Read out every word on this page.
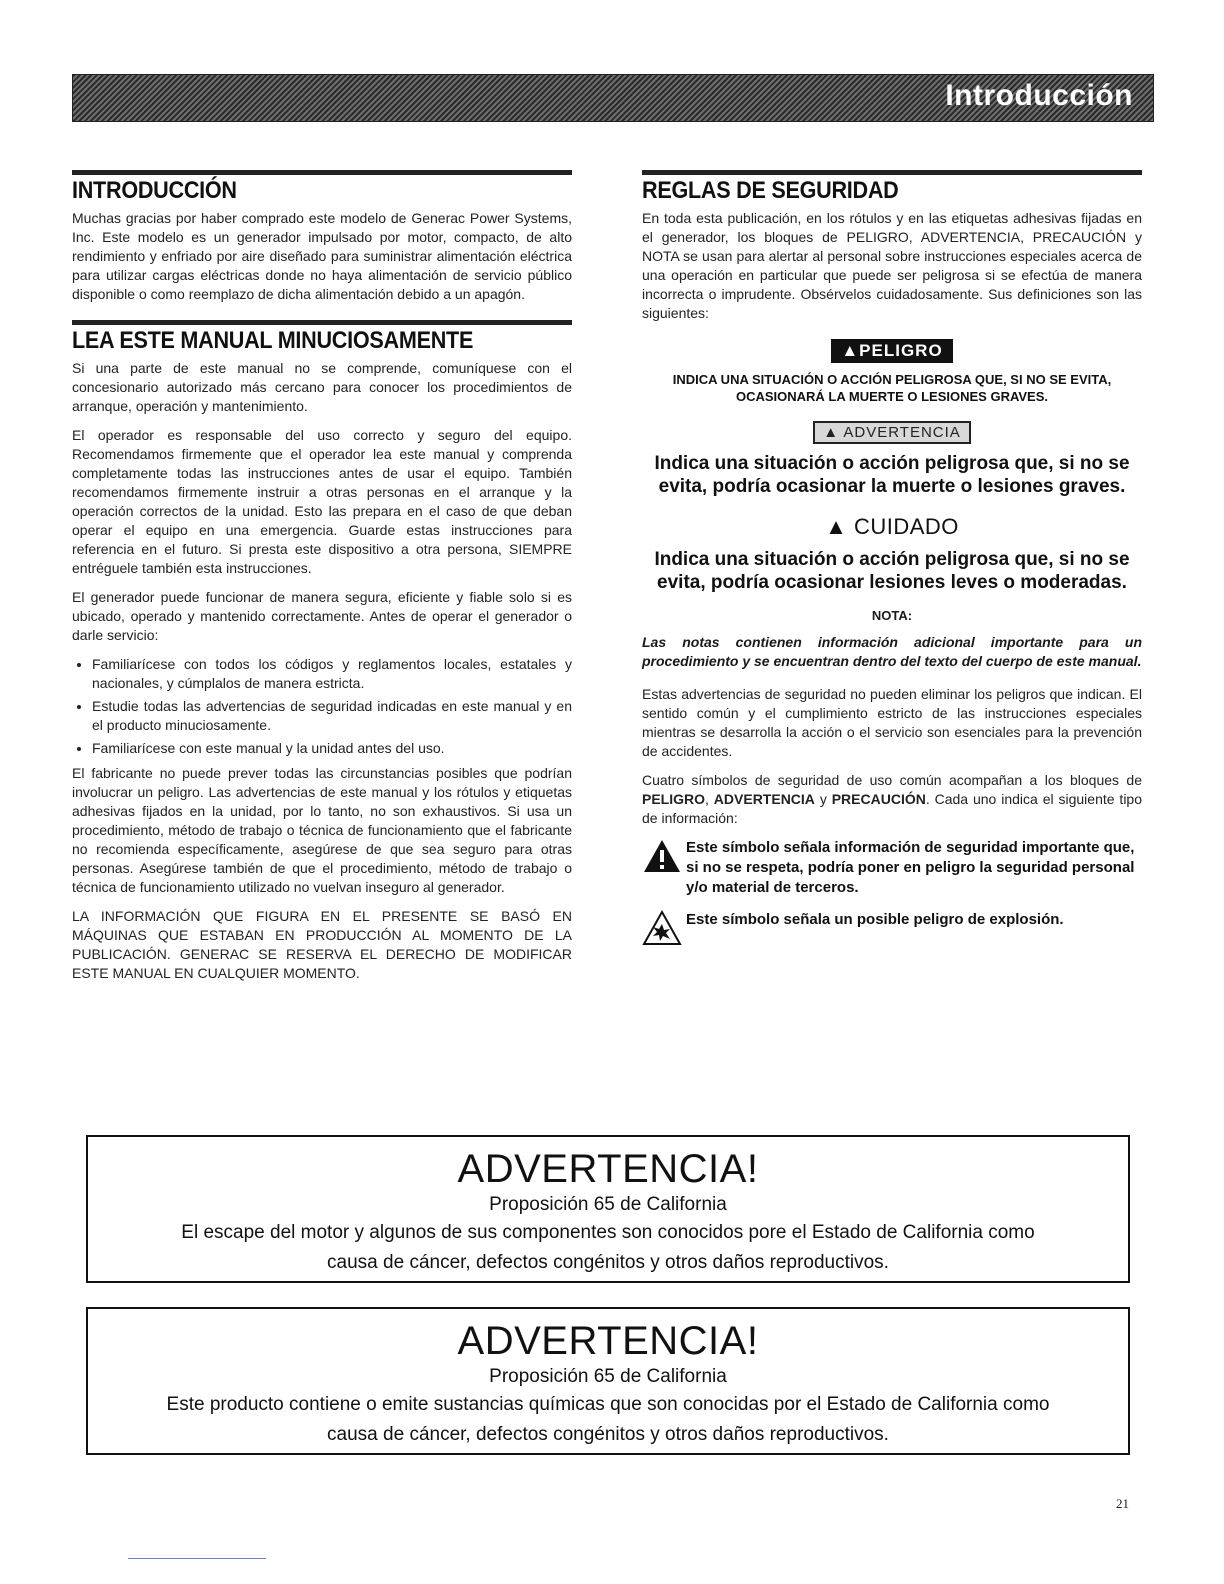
Introducción
INTRODUCCIÓN

Muchas gracias por haber comprado este modelo de Generac Power Systems, Inc. Este modelo es un generador impulsado por motor, compacto, de alto rendimiento y enfriado por aire diseñado para suministrar alimentación eléctrica para utilizar cargas eléctricas donde no haya alimentación de servicio público disponible o como reemplazo de dicha alimentación debido a un apagón.

LEA ESTE MANUAL MINUCIOSAMENTE

Si una parte de este manual no se comprende, comuníquese con el concesionario autorizado más cercano para conocer los procedimientos de arranque, operación y mantenimiento.

El operador es responsable del uso correcto y seguro del equipo. Recomendamos firmemente que el operador lea este manual y comprenda completamente todas las instrucciones antes de usar el equipo. También recomendamos firmemente instruir a otras personas en el arranque y la operación correctos de la unidad. Esto las prepara en el caso de que deban operar el equipo en una emergencia. Guarde estas instrucciones para referencia en el futuro. Si presta este dispositivo a otra persona, SIEMPRE entréguele también esta instrucciones.

El generador puede funcionar de manera segura, eficiente y fiable solo si es ubicado, operado y mantenido correctamente. Antes de operar el generador o darle servicio:

• Familiarícese con todos los códigos y reglamentos locales, estatales y nacionales, y cúmplalos de manera estricta.
• Estudie todas las advertencias de seguridad indicadas en este manual y en el producto minuciosamente.
• Familiarícese con este manual y la unidad antes del uso.

El fabricante no puede prever todas las circunstancias posibles que podrían involucrar un peligro. Las advertencias de este manual y los rótulos y etiquetas adhesivas fijados en la unidad, por lo tanto, no son exhaustivos. Si usa un procedimiento, método de trabajo o técnica de funcionamiento que el fabricante no recomienda específicamente, asegúrese de que sea seguro para otras personas. Asegúrese también de que el procedimiento, método de trabajo o técnica de funcionamiento utilizado no vuelvan inseguro al generador.

LA INFORMACIÓN QUE FIGURA EN EL PRESENTE SE BASÓ EN MÁQUINAS QUE ESTABAN EN PRODUCCIÓN AL MOMENTO DE LA PUBLICACIÓN. GENERAC SE RESERVA EL DERECHO DE MODIFICAR ESTE MANUAL EN CUALQUIER MOMENTO.

REGLAS DE SEGURIDAD

En toda esta publicación, en los rótulos y en las etiquetas adhesivas fijadas en el generador, los bloques de PELIGRO, ADVERTENCIA, PRECAUCIÓN y NOTA se usan para alertar al personal sobre instrucciones especiales acerca de una operación en particular que puede ser peligrosa si se efectúa de manera incorrecta o imprudente. Obsérvelos cuidadosamente. Sus definiciones son las siguientes:

▲PELIGRO

INDICA UNA SITUACIÓN O ACCIÓN PELIGROSA QUE, SI NO SE EVITA, OCASIONARÁ LA MUERTE O LESIONES GRAVES.

▲ ADVERTENCIA

Indica una situación o acción peligrosa que, si no se evita, podría ocasionar la muerte o lesiones graves.

▲ CUIDADO

Indica una situación o acción peligrosa que, si no se evita, podría ocasionar lesiones leves o moderadas.

NOTA:

Las notas contienen información adicional importante para un procedimiento y se encuentran dentro del texto del cuerpo de este manual.

Estas advertencias de seguridad no pueden eliminar los peligros que indican. El sentido común y el cumplimiento estricto de las instrucciones especiales mientras se desarrolla la acción o el servicio son esenciales para la prevención de accidentes.

Cuatro símbolos de seguridad de uso común acompañan a los bloques de PELIGRO, ADVERTENCIA y PRECAUCIÓN. Cada uno indica el siguiente tipo de información:

Este símbolo señala información de seguridad importante que, si no se respeta, podría poner en peligro la seguridad personal y/o material de terceros.
Este símbolo señala un posible peligro de explosión.
ADVERTENCIA!
Proposición 65 de California
El escape del motor y algunos de sus componentes son conocidos pore el Estado de California como
causa de cáncer, defectos congénitos y otros daños reproductivos.
ADVERTENCIA!
Proposición 65 de California
Este producto contiene o emite sustancias químicas que son conocidas por el Estado de California como
causa de cáncer, defectos congénitos y otros daños reproductivos.
21
